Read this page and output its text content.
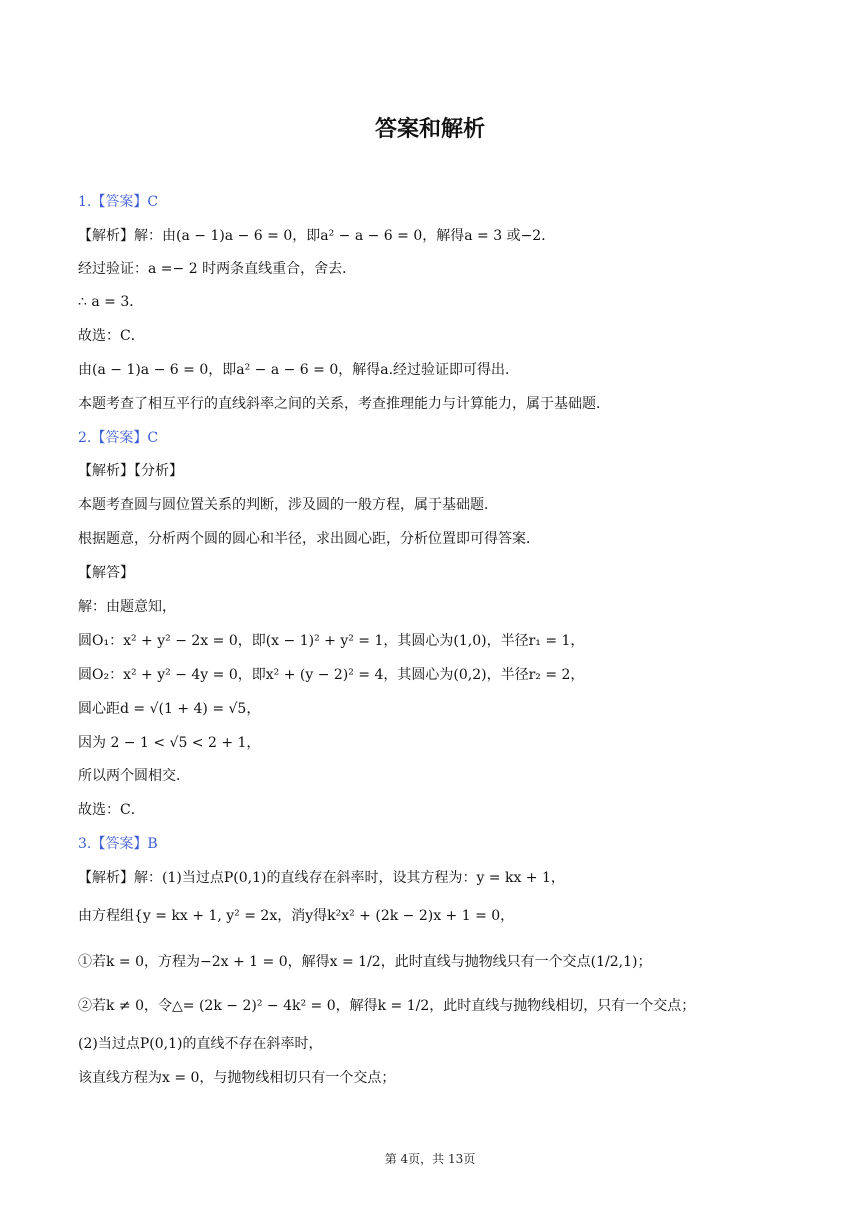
答案和解析
1.【答案】C
【解析】解：由(a − 1)a − 6 = 0，即a² − a − 6 = 0，解得a = 3 或−2．
经过验证：a =− 2 时两条直线重合，舍去．
∴ a = 3．
故选：C．
由(a − 1)a − 6 = 0，即a² − a − 6 = 0，解得a.经过验证即可得出．
本题考查了相互平行的直线斜率之间的关系，考查推理能力与计算能力，属于基础题．
2.【答案】C
【解析】【分析】
本题考查圆与圆位置关系的判断，涉及圆的一般方程，属于基础题．
根据题意，分析两个圆的圆心和半径，求出圆心距，分析位置即可得答案．
【解答】
解：由题意知，
圆O₁：x² + y² − 2x = 0，即(x − 1)² + y² = 1，其圆心为(1,0)，半径r₁ = 1，
圆O₂：x² + y² − 4y = 0，即x² + (y − 2)² = 4，其圆心为(0,2)，半径r₂ = 2，
圆心距d = √(1 + 4) = √5，
因为 2 − 1 < √5 < 2 + 1，
所以两个圆相交．
故选：C．
3.【答案】B
【解析】解：(1)当过点P(0,1)的直线存在斜率时，设其方程为：y = kx + 1，
由方程组{y = kx + 1, y² = 2x，消y得k²x² + (2k − 2)x + 1 = 0，
①若k = 0，方程为−2x + 1 = 0，解得x = 1/2，此时直线与抛物线只有一个交点(1/2,1)；
②若k ≠ 0，令△= (2k − 2)² − 4k² = 0，解得k = 1/2，此时直线与抛物线相切，只有一个交点；
(2)当过点P(0,1)的直线不存在斜率时，
该直线方程为x = 0，与抛物线相切只有一个交点；
第 4页，共 13页
